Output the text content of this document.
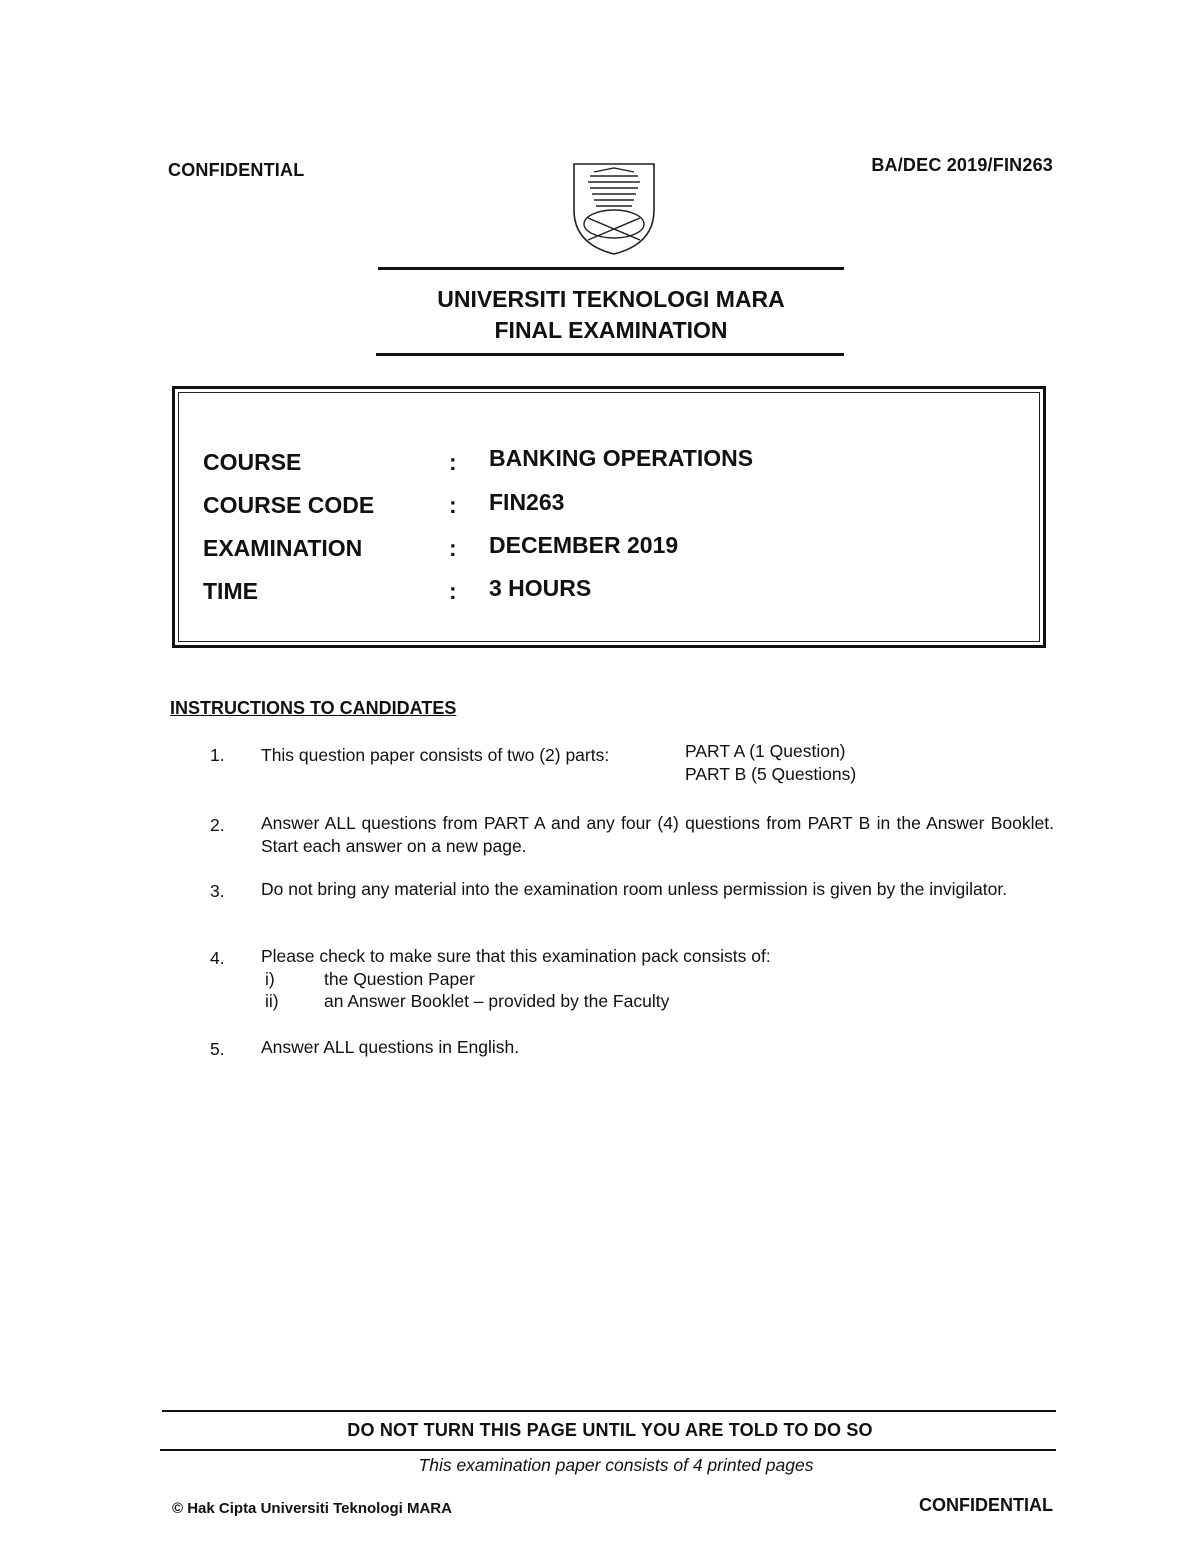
CONFIDENTIAL	BA/DEC 2019/FIN263
UNIVERSITI TEKNOLOGI MARA
FINAL EXAMINATION
COURSE	: BANKING OPERATIONS
COURSE CODE	: FIN263
EXAMINATION	: DECEMBER 2019
TIME	: 3 HOURS
INSTRUCTIONS TO CANDIDATES
1. This question paper consists of two (2) parts:	PART A (1 Question)
PART B (5 Questions)
2. Answer ALL questions from PART A and any four (4) questions from PART B in the Answer Booklet. Start each answer on a new page.
3. Do not bring any material into the examination room unless permission is given by the invigilator.
4. Please check to make sure that this examination pack consists of:
i)	the Question Paper
ii)	an Answer Booklet – provided by the Faculty
5. Answer ALL questions in English.
DO NOT TURN THIS PAGE UNTIL YOU ARE TOLD TO DO SO
This examination paper consists of 4 printed pages
© Hak Cipta Universiti Teknologi MARA	CONFIDENTIAL
